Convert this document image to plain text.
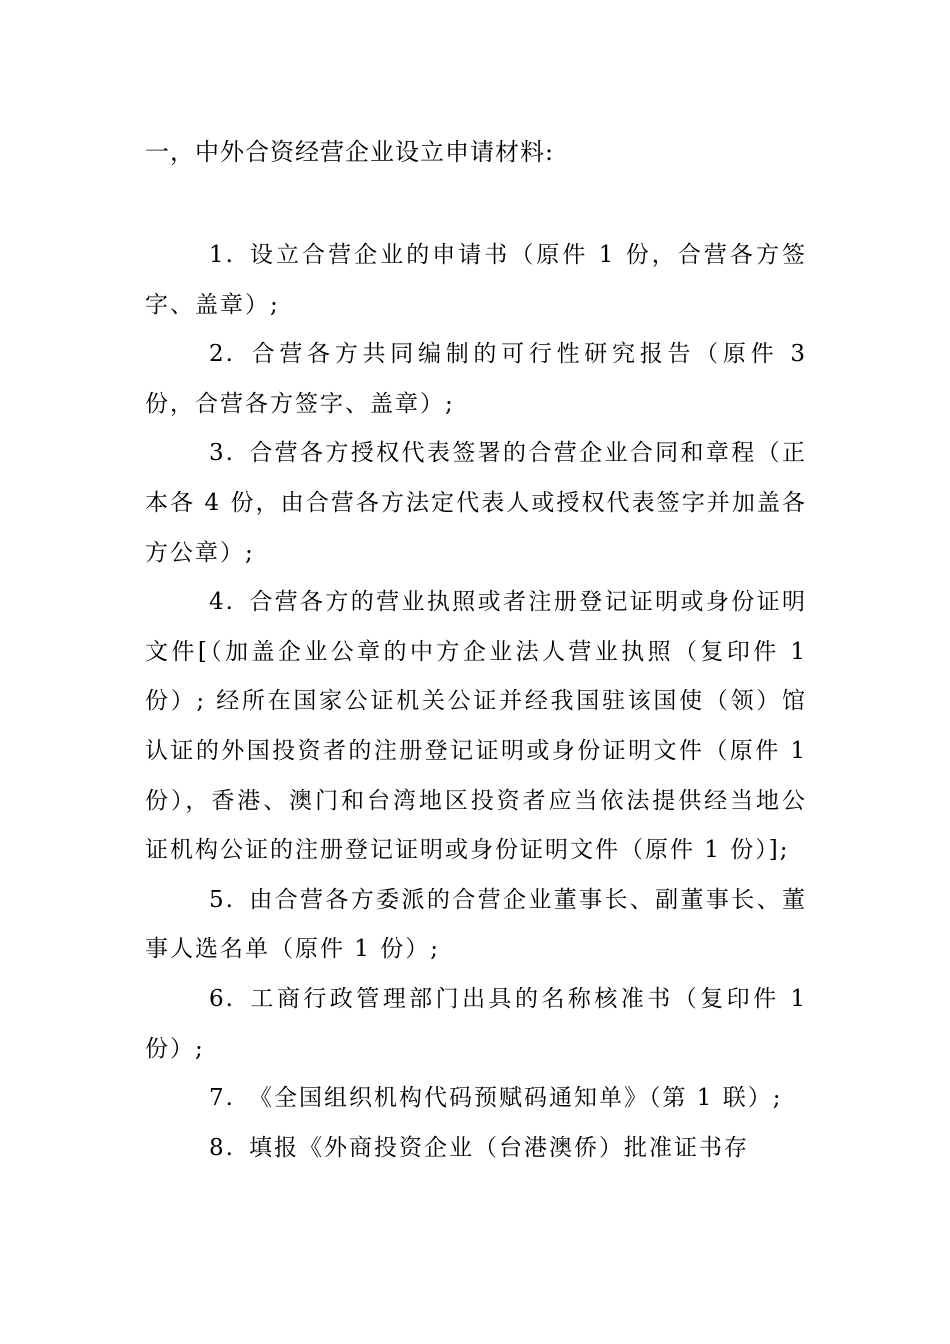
一，中外合资经营企业设立申请材料:

1. 设立合营企业的申请书（原件 1 份，合营各方签字、盖章）;

2. 合营各方共同编制的可行性研究报告（原件 3 份，合营各方签字、盖章）;

3. 合营各方授权代表签署的合营企业合同和章程（正本各 4 份，由合营各方法定代表人或授权代表签字并加盖各方公章）;

4. 合营各方的营业执照或者注册登记证明或身份证明文件[（加盖企业公章的中方企业法人营业执照（复印件 1 份）; 经所在国家公证机关公证并经我国驻该国使（领）馆认证的外国投资者的注册登记证明或身份证明文件（原件 1 份），香港、澳门和台湾地区投资者应当依法提供经当地公证机构公证的注册登记证明或身份证明文件（原件 1 份）];

5. 由合营各方委派的合营企业董事长、副董事长、董事人选名单（原件 1 份）;

6. 工商行政管理部门出具的名称核准书（复印件 1 份）;

7. 《全国组织机构代码预赋码通知单》（第 1 联）;

8. 填报《外商投资企业（台港澳侨）批准证书存
